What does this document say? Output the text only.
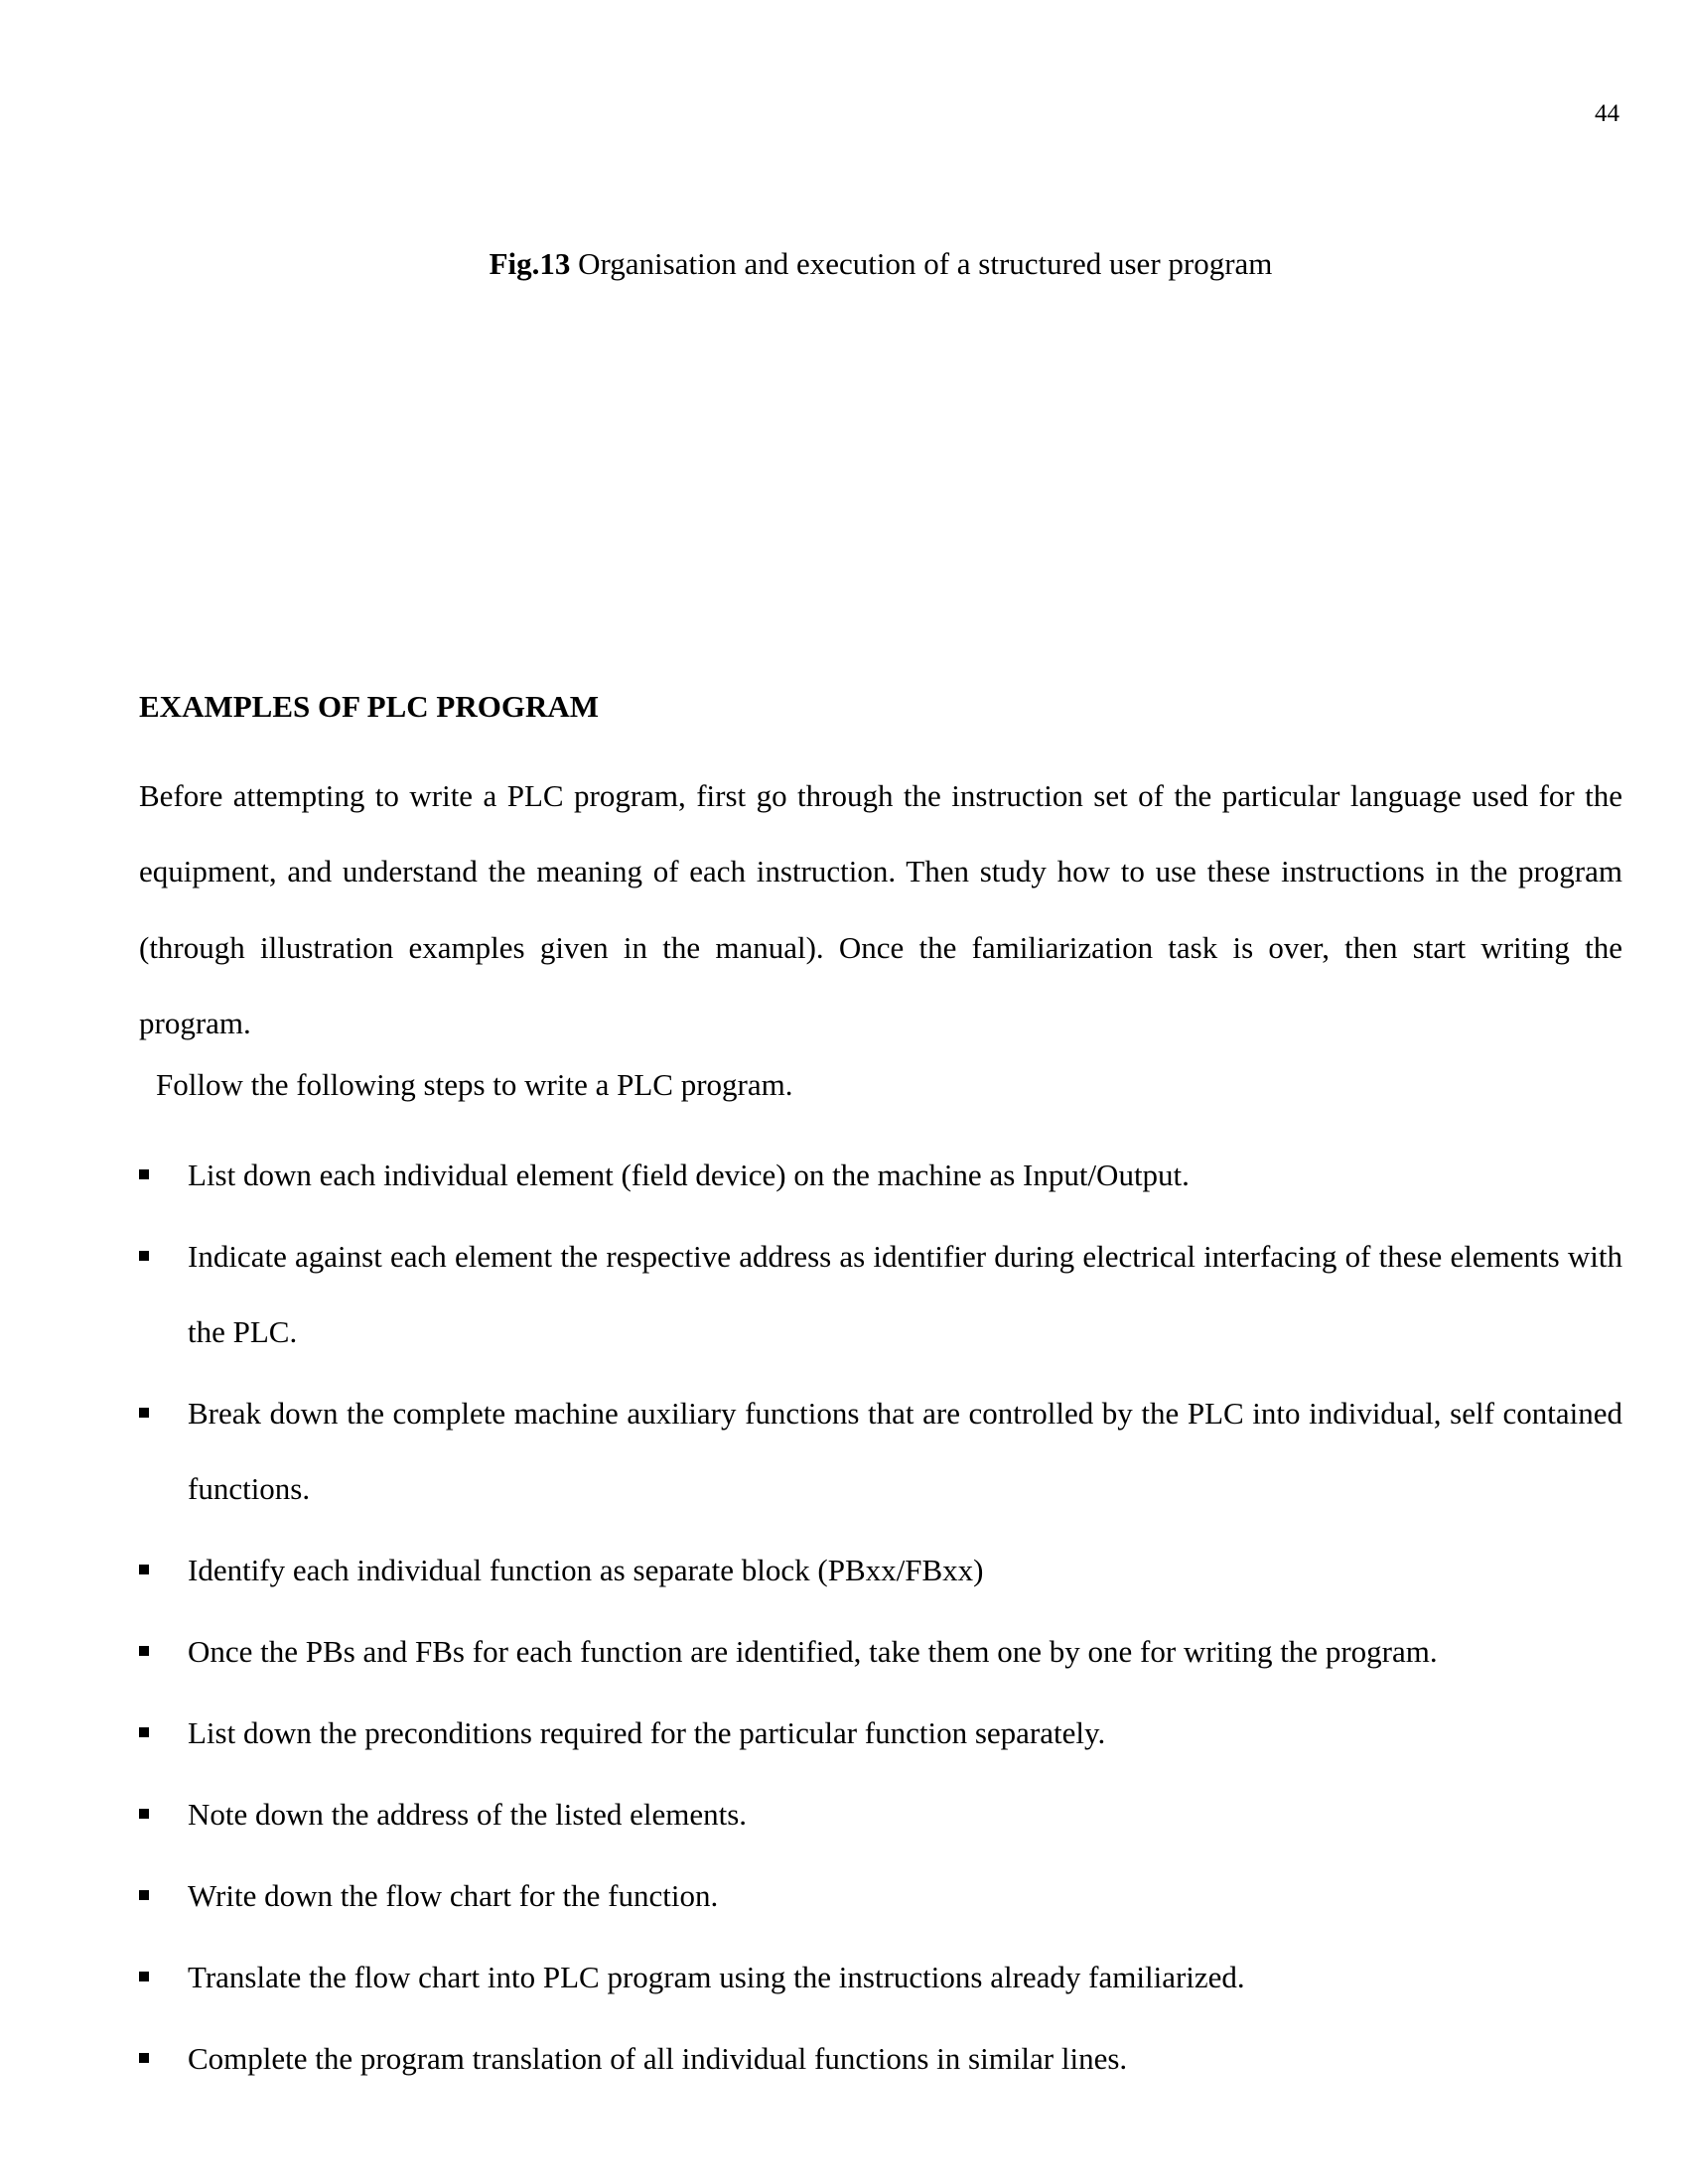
44
Fig.13 Organisation and execution of a structured user program
EXAMPLES OF PLC PROGRAM
Before attempting to write a PLC program, first go through the instruction set of the particular language used for the equipment, and understand the meaning of each instruction. Then study how to use these instructions in the program (through illustration examples given in the manual). Once the familiarization task is over, then start writing the program.
Follow the following steps to write a PLC program.
List down each individual element (field device) on the machine as Input/Output.
Indicate against each element the respective address as identifier during electrical interfacing of these elements with the PLC.
Break down the complete machine auxiliary functions that are controlled by the PLC into individual, self contained functions.
Identify each individual function as separate block (PBxx/FBxx)
Once the PBs and FBs for each function are identified, take them one by one for writing the program.
List down the preconditions required for the particular function separately.
Note down the address of the listed elements.
Write down the flow chart for the function.
Translate the flow chart into PLC program using the instructions already familiarized.
Complete the program translation of all individual functions in similar lines.
